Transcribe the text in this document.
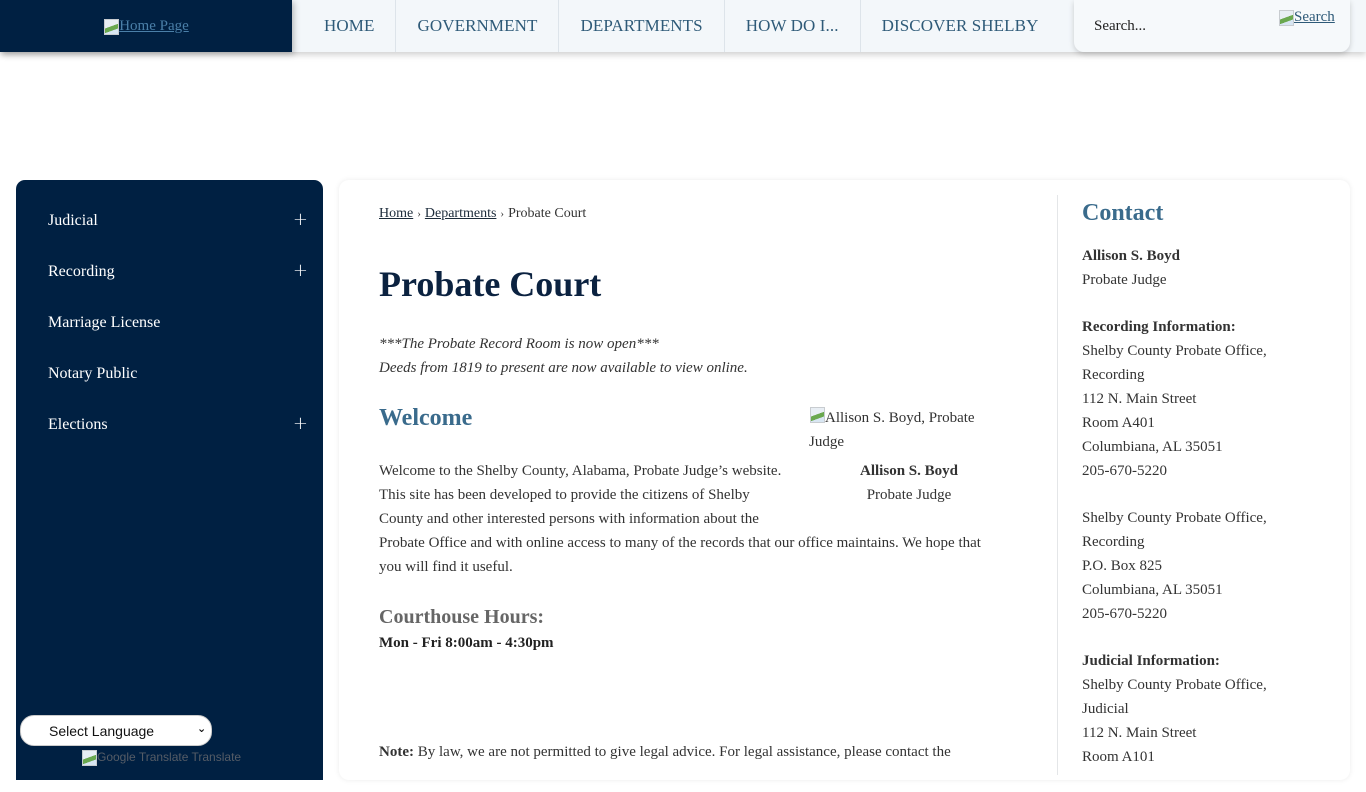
Home Page	HOME	GOVERNMENT	DEPARTMENTS	HOW DO I...	DISCOVER SHELBY
Search...	Search
Judicial	+
Recording	+
Marriage License
Notary Public
Elections	+
Select Language
⌄
Google Translate Translate
Home › Departments › Probate Court
Probate Court
***The Probate Record Room is now open***
Deeds from 1819 to present are now available to view online.
Welcome	Allison S. Boyd, Probate Judge
Allison S. Boyd
Probate Judge
Welcome to the Shelby County, Alabama, Probate Judge’s website. This site has been developed to provide the citizens of Shelby County and other interested persons with information about the Probate Office and with online access to many of the records that our office maintains. We hope that you will find it useful.
Courthouse Hours:
Mon - Fri 8:00am - 4:30pm
Note: By law, we are not permitted to give legal advice. For legal assistance, please contact the
Contact
Allison S. Boyd
Probate Judge
Recording Information:
Shelby County Probate Office,
Recording
112 N. Main Street
Room A401
Columbiana, AL 35051
205-670-5220
Shelby County Probate Office,
Recording
P.O. Box 825
Columbiana, AL 35051
205-670-5220
Judicial Information:
Shelby County Probate Office,
Judicial
112 N. Main Street
Room A101
